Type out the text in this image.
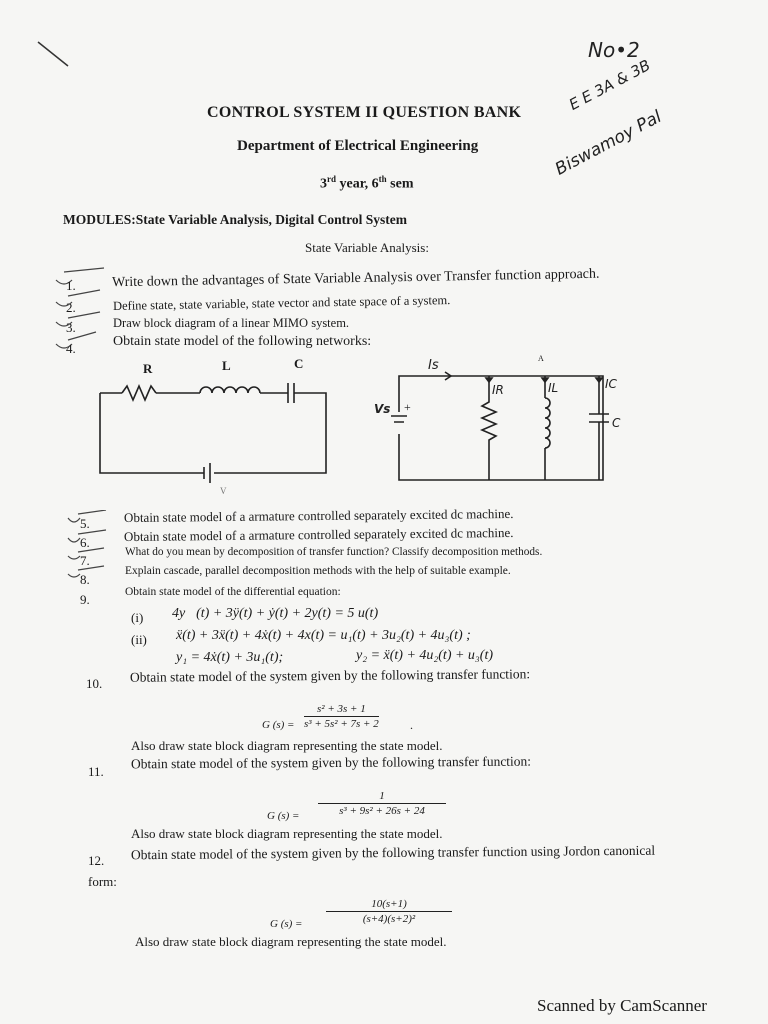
No•2
E E 3A & 3B
Biswamoy Pal
CONTROL SYSTEM II QUESTION BANK
Department of Electrical Engineering
3rd year, 6th sem
MODULES:State Variable Analysis, Digital Control System
State Variable Analysis:
1.	Write down the advantages of State Variable Analysis over Transfer function approach.
2.	Define state, state variable, state vector and state space of a system.
3.	Draw block diagram of a linear MIMO system.
4.	Obtain state model of the following networks:
R	L	C
V
Vs +
Is	A
IR	IL	IC
C
5.	Obtain state model of a armature controlled separately excited dc machine.
6.	Obtain state model of a armature controlled separately excited dc machine.
7.
What do you mean by decomposition of transfer function? Classify decomposition methods.
8.
Explain cascade, parallel decomposition methods with the help of suitable example.
9.	Obtain state model of the differential equation:
(i) 4y⃛(t) + 3ÿ(t) + ẏ(t) + 2y(t) = 5 u(t)
(ii) ẍ(t) + 3ẍ(t) + 4ẋ(t) + 4x(t) = u₁(t) + 3u₂(t) + 4u₃(t) ;
y₁ = 4ẋ(t) + 3u₁(t);	y₂ = ẍ(t) + 4u₂(t) + u₃(t)
10. Obtain state model of the system given by the following transfer function:
G $(s) = \frac{\text{s² + 3s + 1}}{\text{s³ + 5s² + 7s + 2}}$	.
Also draw state block diagram representing the state model.
11.
Obtain state model of the system given by the following transfer function:
G $(s) = \frac{1}{\text{s³ + 9s² + 26s + 24}}$
Also draw state block diagram representing the state model.
12. Obtain state model of the system given by the following transfer function using Jordon canonical
form:
G $(s) = \frac{10(s+1)}{\text{(s+4)(s+2)²}}$
Also draw state block diagram representing the state model.
Scanned by CamScanner
